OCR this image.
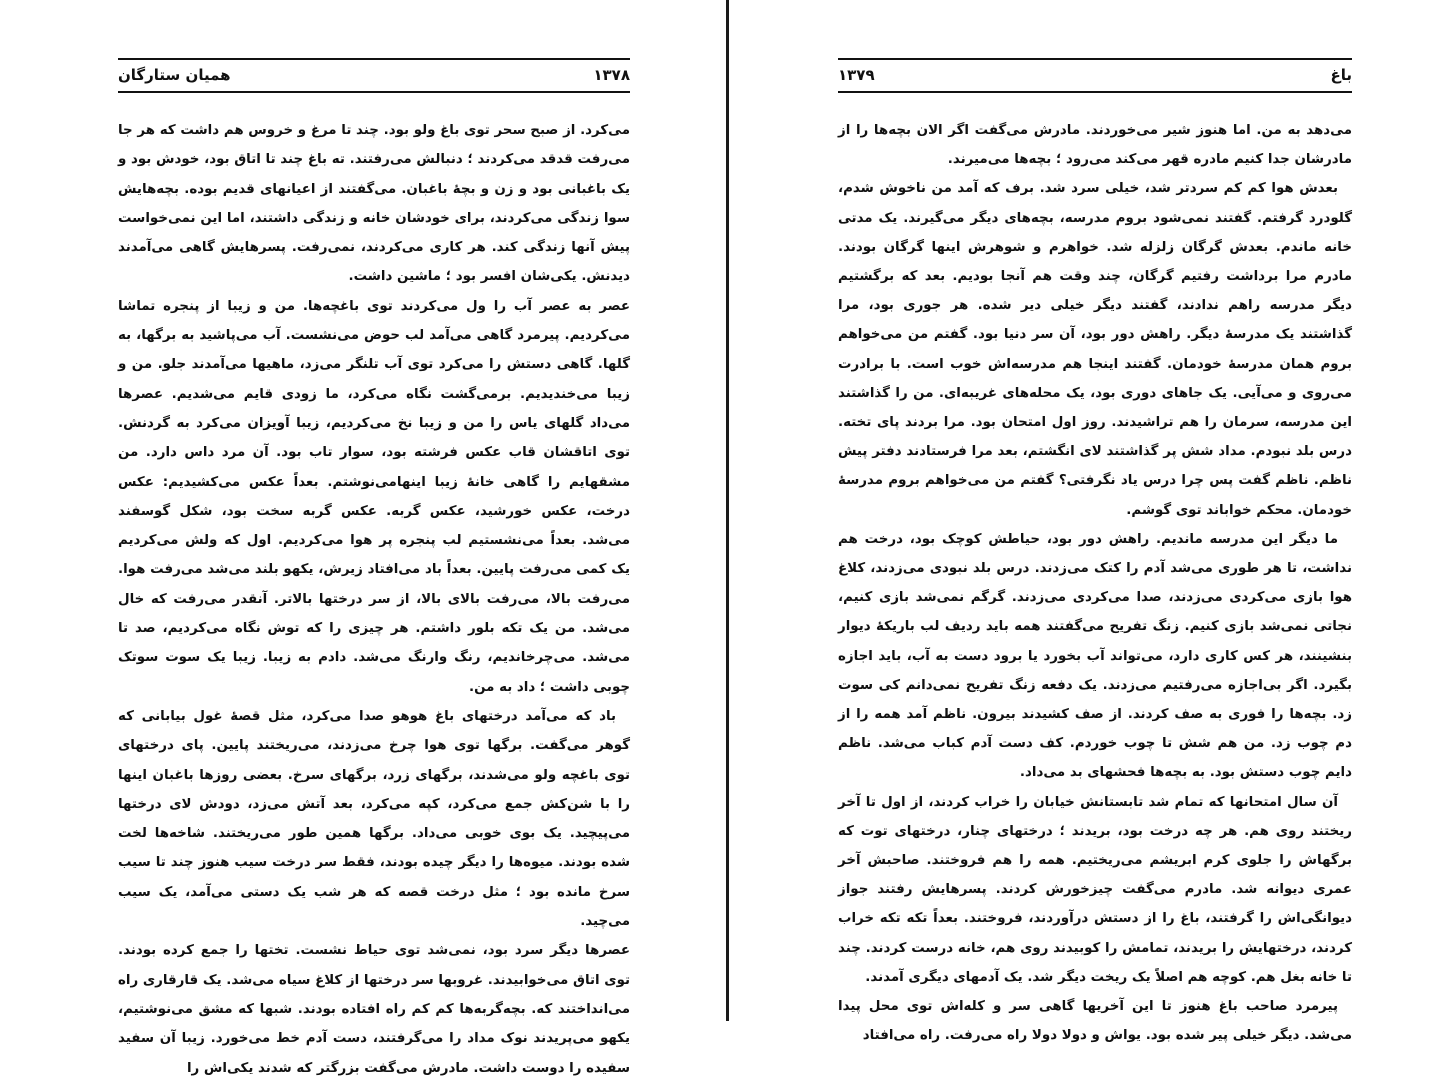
۱۳۷۸
همیان ستارگان

می‌کرد. از صبح سحر توی باغ ولو بود. چند تا مرغ و خروس هم داشت که هر جا می‌رفت قدقد می‌کردند ؛ دنبالش می‌رفتند. ته باغ چند تا اتاق بود، خودش بود و یک باغبانی بود و زن و بچهٔ باغبان. می‌گفتند از اعیانهای قدیم بوده. بچه‌هایش سوا زندگی می‌کردند، برای خودشان خانه و زندگی داشتند، اما این نمی‌خواست پیش آنها زندگی کند. هر کاری می‌کردند، نمی‌رفت. پسرهایش گاهی می‌آمدند دیدنش. یکی‌شان افسر بود ؛ ماشین داشت.

عصر به عصر آب را ول می‌کردند توی باغچه‌ها. من و زیبا از پنجره تماشا می‌کردیم. پیرمرد گاهی می‌آمد لب حوض می‌نشست. آب می‌پاشید به برگها، به گلها. گاهی دستش را می‌کرد توی آب تلنگر می‌زد، ماهیها می‌آمدند جلو. من و زیبا می‌خندیدیم. برمی‌گشت نگاه می‌کرد، ما زودی قایم می‌شدیم. عصرها می‌داد گلهای یاس را من و زیبا نخ می‌کردیم، زیبا آویزان می‌کرد به گردنش. توی اتاقشان قاب عکس فرشته بود، سوار تاب بود. آن مرد داس دارد. من مشقهایم را گاهی خانهٔ زیبا اینهامی‌نوشتم. بعداً عکس می‌کشیدیم: عکس درخت، عکس خورشید، عکس گربه. عکس گربه سخت بود، شکل گوسفند می‌شد. بعداً می‌نشستیم لب پنجره پر هوا می‌کردیم. اول که ولش می‌کردیم یک کمی می‌رفت پایین. بعداً باد می‌افتاد زیرش، یکهو بلند می‌شد می‌رفت هوا. می‌رفت بالا، می‌رفت بالای بالا، از سر درختها بالاتر. آنقدر می‌رفت که خال می‌شد. من یک تکه بلور داشتم. هر چیزی را که توش نگاه می‌کردیم، صد تا می‌شد. می‌چرخاندیم، رنگ وارنگ می‌شد. دادم به زیبا. زیبا یک سوت سوتک چوبی داشت ؛ داد به من.

باد که می‌آمد درختهای باغ هوهو صدا می‌کرد، مثل قصهٔ غول بیابانی که گوهر می‌گفت. برگها توی هوا چرخ می‌زدند، می‌ریختند پایین. پای درختهای توی باغچه ولو می‌شدند، برگهای زرد، برگهای سرخ. بعضی روزها باغبان اینها را با شن‌کش جمع می‌کرد، کپه می‌کرد، بعد آتش می‌زد، دودش لای درختها می‌پیچید. یک بوی خوبی می‌داد. برگها همین طور می‌ریختند. شاخه‌ها لخت شده بودند. میوه‌ها را دیگر چیده بودند، فقط سر درخت سیب هنوز چند تا سیب سرخ مانده بود ؛ مثل درخت قصه که هر شب یک دستی می‌آمد، یک سیب می‌چید.

عصرها دیگر سرد بود، نمی‌شد توی حیاط نشست. تختها را جمع کرده بودند. توی اتاق می‌خوابیدند. غروبها سر درختها از کلاغ سیاه می‌شد. یک قارقاری راه می‌انداختند که. بچه‌گربه‌ها کم کم راه افتاده بودند. شبها که مشق می‌نوشتیم، یکهو می‌پریدند نوک مداد را می‌گرفتند، دست آدم خط می‌خورد. زیبا آن سفید سفیده را دوست داشت. مادرش می‌گفت بزرگتر که شدند یکی‌اش را

باغ
۱۳۷۹

می‌دهد به من. اما هنوز شیر می‌خوردند. مادرش می‌گفت اگر الان بچه‌ها را از مادرشان جدا کنیم مادره قهر می‌کند می‌رود ؛ بچه‌ها می‌میرند.

بعدش هوا کم کم سردتر شد، خیلی سرد شد. برف که آمد من ناخوش شدم، گلودرد گرفتم. گفتند نمی‌شود بروم مدرسه، بچه‌های دیگر می‌گیرند. یک مدتی خانه ماندم. بعدش گرگان زلزله شد. خواهرم و شوهرش اینها گرگان بودند. مادرم مرا برداشت رفتیم گرگان، چند وقت هم آنجا بودیم. بعد که برگشتیم دیگر مدرسه راهم ندادند، گفتند دیگر خیلی دیر شده. هر جوری بود، مرا گذاشتند یک مدرسهٔ دیگر. راهش دور بود، آن سر دنیا بود. گفتم من می‌خواهم بروم همان مدرسهٔ خودمان. گفتند اینجا هم مدرسه‌اش خوب است. با برادرت می‌روی و می‌آیی. یک جاهای دوری بود، یک محله‌های غریبه‌ای. من را گذاشتند این مدرسه، سرمان را هم تراشیدند. روز اول امتحان بود. مرا بردند پای تخته. درس بلد نبودم. مداد شش پر گذاشتند لای انگشتم، بعد مرا فرستادند دفتر پیش ناظم. ناظم گفت پس چرا درس یاد نگرفتی؟ گفتم من می‌خواهم بروم مدرسهٔ خودمان. محکم خواباند توی گوشم.

ما دیگر این مدرسه ماندیم. راهش دور بود، حیاطش کوچک بود، درخت هم نداشت، تا هر طوری می‌شد آدم را کتک می‌زدند. درس بلد نبودی می‌زدند، کلاغ هوا بازی می‌کردی می‌زدند، صدا می‌کردی می‌زدند. گرگم نمی‌شد بازی کنیم، نجاتی نمی‌شد بازی کنیم. زنگ تفریح می‌گفتند همه باید ردیف لب باریکهٔ دیوار بنشینند، هر کس کاری دارد، می‌تواند آب بخورد یا برود دست به آب، باید اجازه بگیرد. اگر بی‌اجازه می‌رفتیم می‌زدند. یک دفعه زنگ تفریح نمی‌دانم کی سوت زد. بچه‌ها را فوری به صف کردند. از صف کشیدند بیرون. ناظم آمد همه را از دم چوب زد. من هم شش تا چوب خوردم. کف دست آدم کباب می‌شد. ناظم دایم چوب دستش بود. به بچه‌ها فحشهای بد می‌داد.

آن سال امتحانها که تمام شد تابستانش خیابان را خراب کردند، از اول تا آخر ریختند روی هم. هر چه درخت بود، بریدند ؛ درختهای چنار، درختهای توت که برگهاش را جلوی کرم ابریشم می‌ریختیم. همه را هم فروختند. صاحبش آخر عمری دیوانه شد. مادرم می‌گفت چیزخورش کردند. پسرهایش رفتند جواز دیوانگی‌اش را گرفتند، باغ را از دستش درآوردند، فروختند. بعداً تکه تکه خراب کردند، درختهایش را بریدند، تمامش را کوبیدند روی هم، خانه درست کردند. چند تا خانه بغل هم. کوچه هم اصلاً یک ریخت دیگر شد. یک آدمهای دیگری آمدند.

پیرمرد صاحب باغ هنوز تا این آخریها گاهی سر و کله‌اش توی محل پیدا می‌شد. دیگر خیلی پیر شده بود. یواش و دولا دولا راه می‌رفت. راه می‌افتاد
